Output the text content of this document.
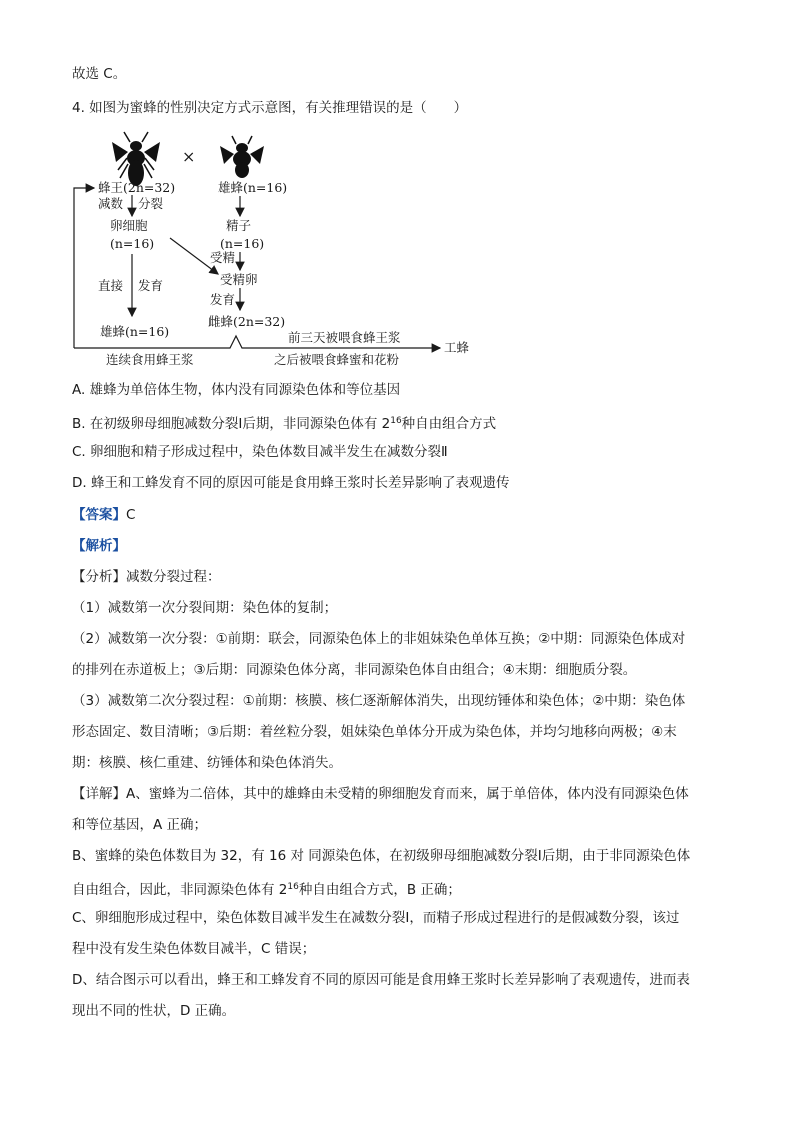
故选 C。
4. 如图为蜜蜂的性别决定方式示意图，有关推理错误的是（　　）
×
蜂王(2n=32)
减数 分裂
卵细胞
(n=16)
直接 发育
雄蜂(n=16)
雄蜂(n=16)
精子
(n=16)
受精
受精卵
发育
雌蜂(2n=32)
连续食用蜂王浆
前三天被喂食蜂王浆
之后被喂食蜂蜜和花粉
工蜂
A. 雄蜂为单倍体生物，体内没有同源染色体和等位基因
B. 在初级卵母细胞减数分裂Ⅰ后期，非同源染色体有 $2^{16}$种自由组合方式
C. 卵细胞和精子形成过程中，染色体数目减半发生在减数分裂Ⅱ
D. 蜂王和工蜂发育不同的原因可能是食用蜂王浆时长差异影响了表观遗传
【答案】C
【解析】
【分析】减数分裂过程：
（1）减数第一次分裂间期：染色体的复制；
（2）减数第一次分裂：①前期：联会，同源染色体上的非姐妹染色单体互换；②中期：同源染色体成对
的排列在赤道板上；③后期：同源染色体分离，非同源染色体自由组合；④末期：细胞质分裂。
（3）减数第二次分裂过程：①前期：核膜、核仁逐渐解体消失，出现纺锤体和染色体；②中期：染色体
形态固定、数目清晰；③后期：着丝粒分裂，姐妹染色单体分开成为染色体，并均匀地移向两极；④末
期：核膜、核仁重建、纺锤体和染色体消失。
【详解】A、蜜蜂为二倍体，其中的雄蜂由未受精的卵细胞发育而来，属于单倍体，体内没有同源染色体
和等位基因，A 正确；
B、蜜蜂的染色体数目为 32，有 16 对 同源染色体，在初级卵母细胞减数分裂Ⅰ后期，由于非同源染色体
自由组合，因此，非同源染色体有 $2^{16}$种自由组合方式，B 正确；
C、卵细胞形成过程中，染色体数目减半发生在减数分裂Ⅰ，而精子形成过程进行的是假减数分裂，该过
程中没有发生染色体数目减半，C 错误；
D、结合图示可以看出，蜂王和工蜂发育不同的原因可能是食用蜂王浆时长差异影响了表观遗传，进而表
现出不同的性状，D 正确。
